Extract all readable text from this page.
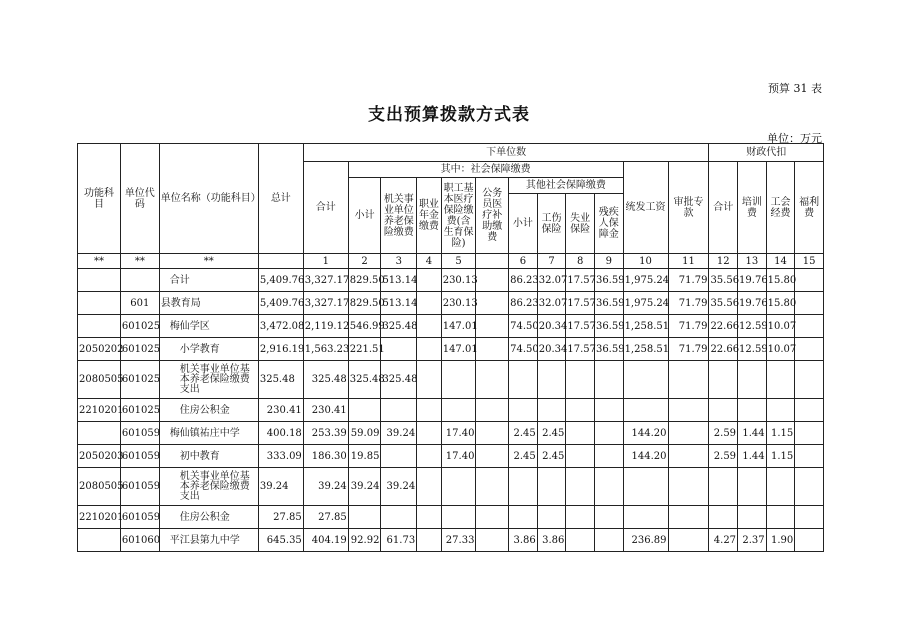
预算 31 表
支出预算拨款方式表
单位：万元
功能科目	单位代码	单位名称（功能科目）	总计	下单位数												财政代扣			
				合计	其中：社会保障缴费									统发工资	审批专款	合计	培训费	工会经费	福利费
					小计	机关事业单位养老保险缴费	职业年金缴费	职工基本医疗保险缴费(含生育保险)	公务员医疗补助缴费	其他社会保障缴费									
										小计	工伤保险	失业保险	残疾人保障金						
**	**	**		1	2	3	4	5		6	7	8	9	10	11	12	13	14	15
		合计	5,409.76	3,327.17	829.50	513.14		230.13		86.23	32.07	17.57	36.59	1,975.24	71.79	35.56	19.76	15.80	
	601	县教育局	5,409.76	3,327.17	829.50	513.14		230.13		86.23	32.07	17.57	36.59	1,975.24	71.79	35.56	19.76	15.80	
	601025	梅仙学区	3,472.08	2,119.12	546.99	325.48		147.01		74.50	20.34	17.57	36.59	1,258.51	71.79	22.66	12.59	10.07	
2050202	601025	小学教育	2,916.19	1,563.23	221.51			147.01		74.50	20.34	17.57	36.59	1,258.51	71.79	22.66	12.59	10.07	
2080505	601025	机关事业单位基本养老保险缴费支出	325.48	325.48	325.48	325.48													
2210201	601025	住房公积金	230.41	230.41															
	601059	梅仙镇祐庄中学	400.18	253.39	59.09	39.24		17.40		2.45	2.45			144.20		2.59	1.44	1.15	
2050203	601059	初中教育	333.09	186.30	19.85			17.40		2.45	2.45			144.20		2.59	1.44	1.15	
2080505	601059	机关事业单位基本养老保险缴费支出	39.24	39.24	39.24	39.24													
2210201	601059	住房公积金	27.85	27.85															
	601060	平江县第九中学	645.35	404.19	92.92	61.73		27.33		3.86	3.86			236.89		4.27	2.37	1.90	
